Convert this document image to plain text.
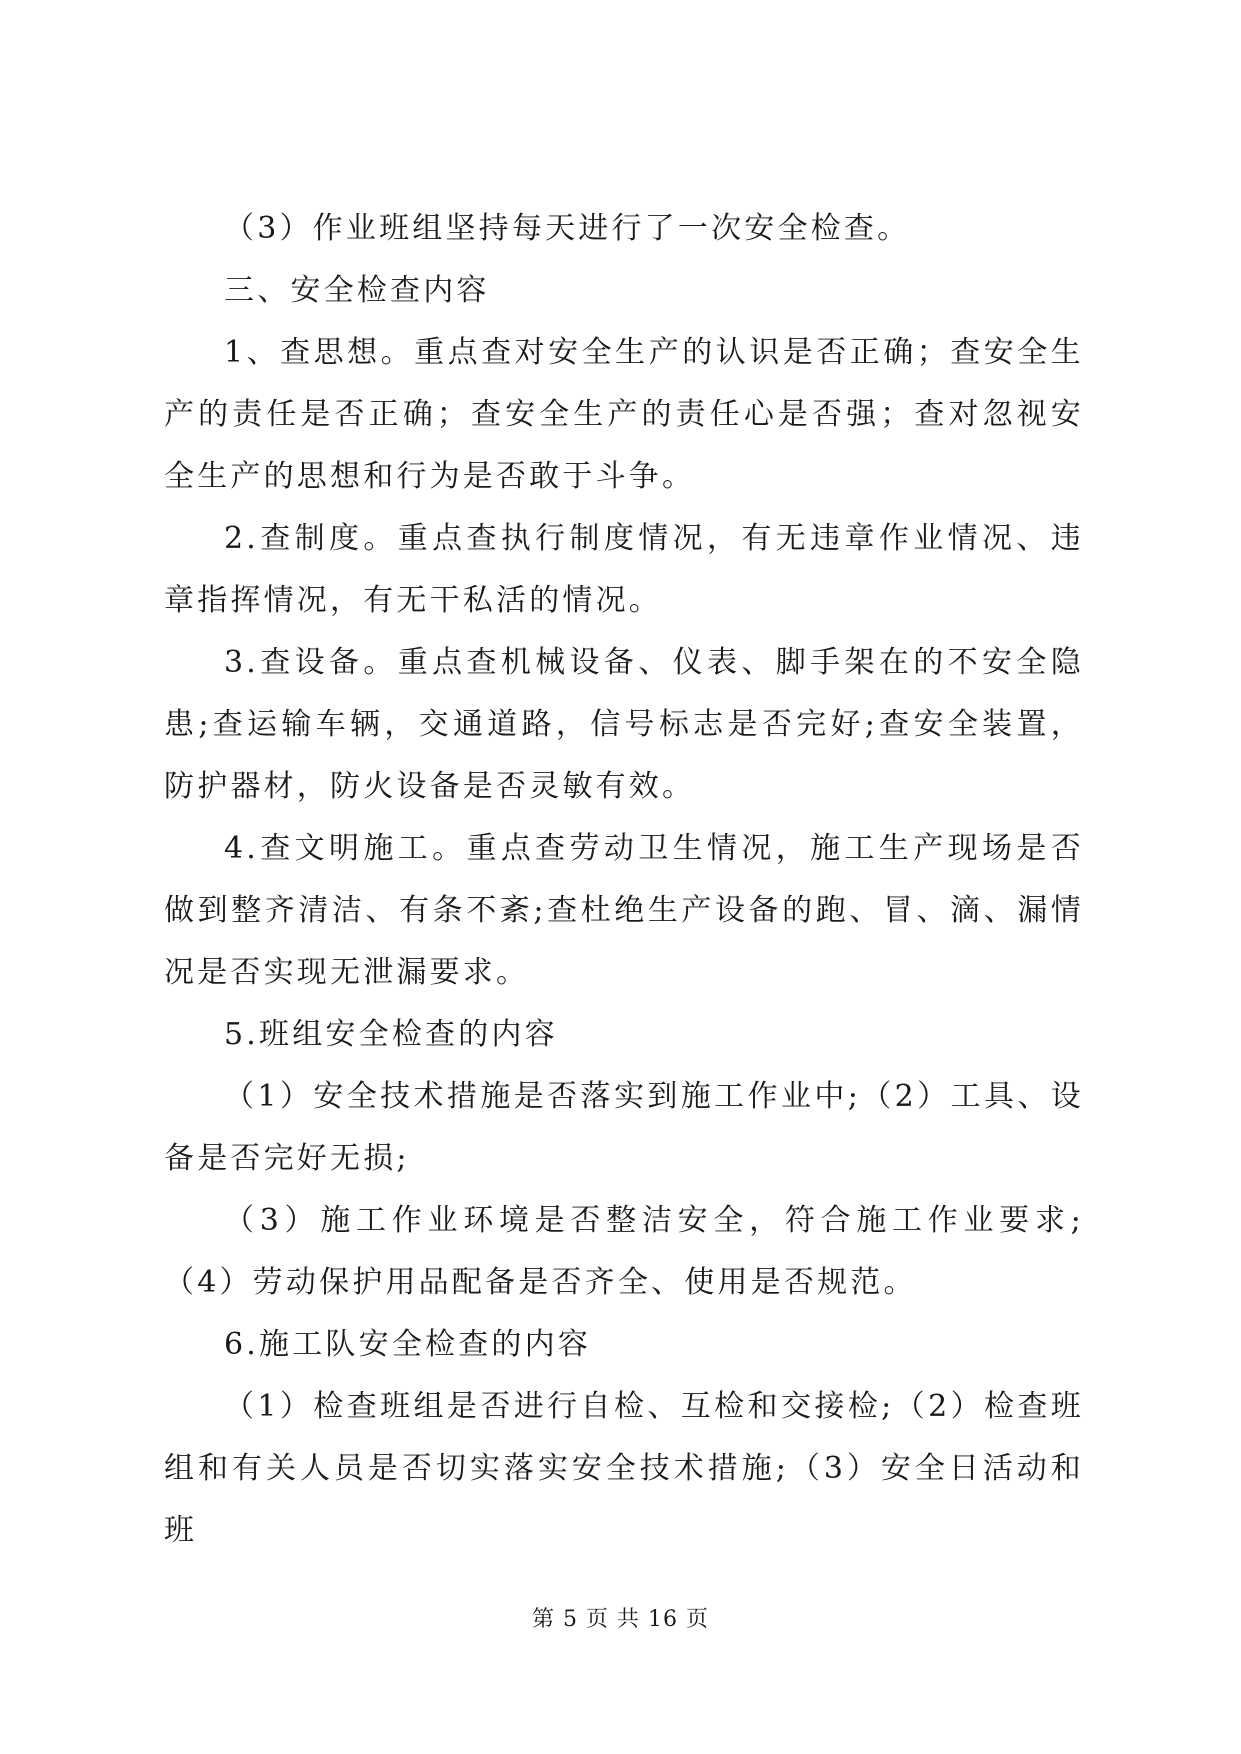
（3）作业班组坚持每天进行了一次安全检查。

三、安全检查内容

1、查思想。重点查对安全生产的认识是否正确；查安全生产的责任是否正确；查安全生产的责任心是否强；查对忽视安全生产的思想和行为是否敢于斗争。

2.查制度。重点查执行制度情况，有无违章作业情况、违章指挥情况，有无干私活的情况。

3.查设备。重点查机械设备、仪表、脚手架在的不安全隐患;查运输车辆，交通道路，信号标志是否完好;查安全装置，防护器材，防火设备是否灵敏有效。

4.查文明施工。重点查劳动卫生情况，施工生产现场是否做到整齐清洁、有条不紊;查杜绝生产设备的跑、冒、滴、漏情况是否实现无泄漏要求。

5.班组安全检查的内容

（1）安全技术措施是否落实到施工作业中;（2）工具、设备是否完好无损;

（3）施工作业环境是否整洁安全，符合施工作业要求;（4）劳动保护用品配备是否齐全、使用是否规范。

6.施工队安全检查的内容

（1）检查班组是否进行自检、互检和交接检;（2）检查班组和有关人员是否切实落实安全技术措施;（3）安全日活动和班

第 5 页 共 16 页
